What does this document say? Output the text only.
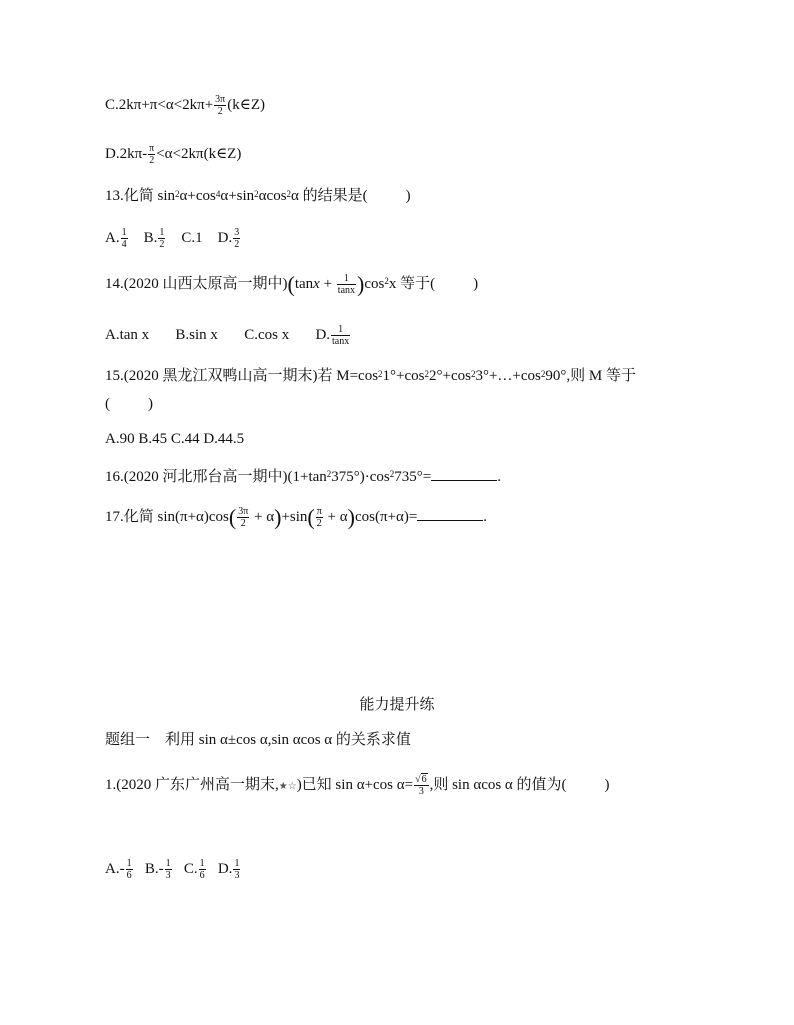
$C.2k\pi+\pi<\alpha<2k\pi+ \frac{3\pi}{2}$ (k∈Z)
$D.2k\pi- \frac{\pi}{2}$ <α<2kπ(k∈Z)
13.化简 $\sin^2\alpha+\cos^4\alpha+\sin^2\alpha\cos^2\alpha$ 的结果是(	)
A. $\frac{1}{4} B$. $\frac{1}{2} C.1$ D. $\frac{3}{2}$
14.(2020 山西太原高一期中)$(\tan x + \frac{1}{\tan x} )\cos^2x$ 等于(	)
A.tan x B.sin x C.cos x D. $\frac{1}{\tan x}$
15.(2020 黑龙江双鸭山高一期末)若 $M=\cos^21^\circ+\cos^22^\circ+\cos^23^\circ+\dots+\cos^290^\circ$,则 M 等于
(	)
A.90 B.45 C.44 D.44.5
16.(2020 河北邢台高一期中)$(1+\tan^2375^\circ)\cdot\cos^2735^\circ=$	.
17.化简 $\sin(\pi+\alpha)\cos( \frac{3\pi}{2} + \alpha)+\sin( \frac{\pi}{2} + \alpha)\cos(\pi+\alpha)=$	.
能力提升练
题组一　利用 sin α±cos α,sin αcos α 的关系求值
1.(2020 广东广州高一期末,★☆)已知 sin α+cos $\alpha= \frac{√6}{3}$ ,则 sin αcos α 的值为(	)
$A.- \frac{1}{6} B.- \frac{1}{3} C$. $\frac{1}{6} D$. $\frac{1}{3}$
